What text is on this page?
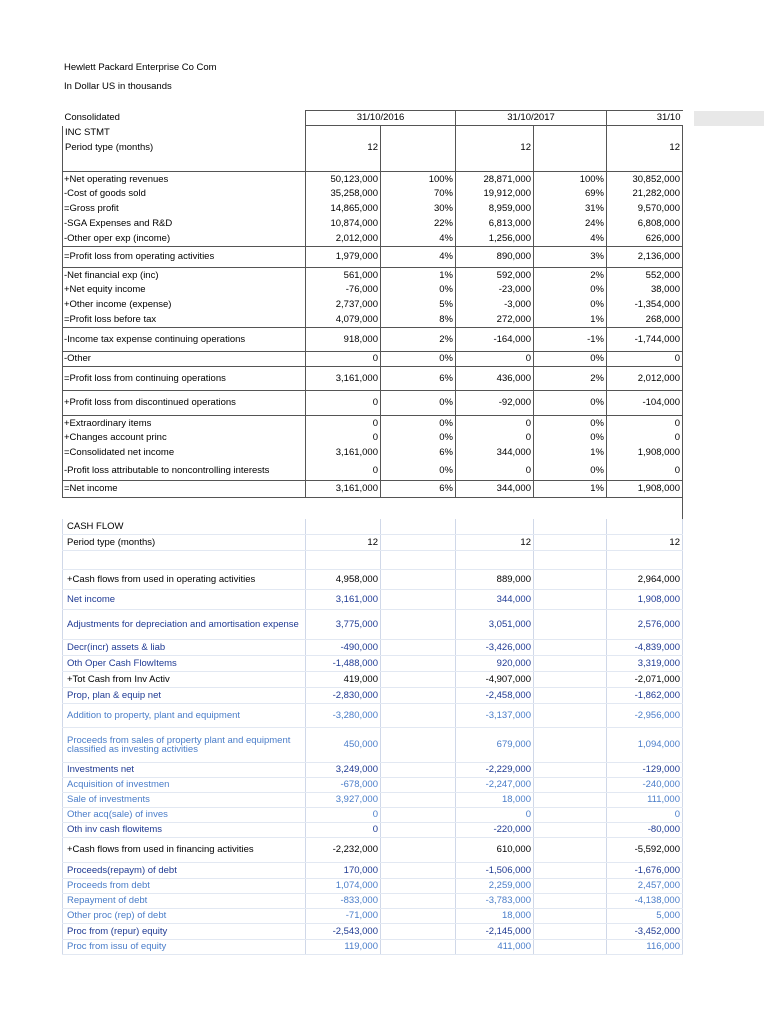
Hewlett Packard Enterprise Co Com
In Dollar US in thousands
Consolidated	31/10/2016		31/10/2017		31/10		
INC STMT							
Period type (months)	12		12		12		

+Net operating revenues	50,123,000	100%	28,871,000	100%	30,852,000		
-Cost of goods sold	35,258,000	70%	19,912,000	69%	21,282,000		
=Gross profit	14,865,000	30%	8,959,000	31%	9,570,000		
-SGA Expenses and R&D	10,874,000	22%	6,813,000	24%	6,808,000		
-Other oper exp (income)	2,012,000	4%	1,256,000	4%	626,000		
=Profit loss from operating activities	1,979,000	4%	890,000	3%	2,136,000		
-Net financial exp (inc)	561,000	1%	592,000	2%	552,000		
+Net equity income	-76,000	0%	-23,000	0%	38,000		
+Other income (expense)	2,737,000	5%	-3,000	0%	-1,354,000		
=Profit loss before tax	4,079,000	8%	272,000	1%	268,000		
-Income tax expense continuing operations	918,000	2%	-164,000	-1%	-1,744,000		
-Other	0	0%	0	0%	0		
=Profit loss from continuing operations	3,161,000	6%	436,000	2%	2,012,000		
+Profit loss from discontinued operations	0	0%	-92,000	0%	-104,000		
+Extraordinary items	0	0%	0	0%	0		
+Changes account princ	0	0%	0	0%	0		
=Consolidated net income	3,161,000	6%	344,000	1%	1,908,000		
-Profit loss attributable to noncontrolling interests	0	0%	0	0%	0		
=Net income	3,161,000	6%	344,000	1%	1,908,000		

CASH FLOW							
Period type (months)	12		12		12		

+Cash flows from used in operating activities	4,958,000		889,000		2,964,000		
Net income	3,161,000		344,000		1,908,000		
Adjustments for depreciation and amortisation expense	3,775,000		3,051,000		2,576,000		
Decr(incr) assets & liab	-490,000		-3,426,000		-4,839,000		
Oth Oper Cash FlowItems	-1,488,000		920,000		3,319,000		
+Tot Cash from Inv Activ	419,000		-4,907,000		-2,071,000		
Prop, plan & equip net	-2,830,000		-2,458,000		-1,862,000		
Addition to property, plant and equipment	-3,280,000		-3,137,000		-2,956,000		
Proceeds from sales of property plant and equipment classified as investing activities	450,000		679,000		1,094,000		
Investments net	3,249,000		-2,229,000		-129,000		
Acquisition of investmen	-678,000		-2,247,000		-240,000		
Sale of investments	3,927,000		18,000		111,000		
Other acq(sale) of inves	0		0		0		
Oth inv cash flowitems	0		-220,000		-80,000		
+Cash flows from used in financing activities	-2,232,000		610,000		-5,592,000		
Proceeds(repaym) of debt	170,000		-1,506,000		-1,676,000		
Proceeds from debt	1,074,000		2,259,000		2,457,000		
Repayment of debt	-833,000		-3,783,000		-4,138,000		
Other proc (rep) of debt	-71,000		18,000		5,000		
Proc from (repur) equity	-2,543,000		-2,145,000		-3,452,000		
Proc from issu of equity	119,000		411,000		116,000		
